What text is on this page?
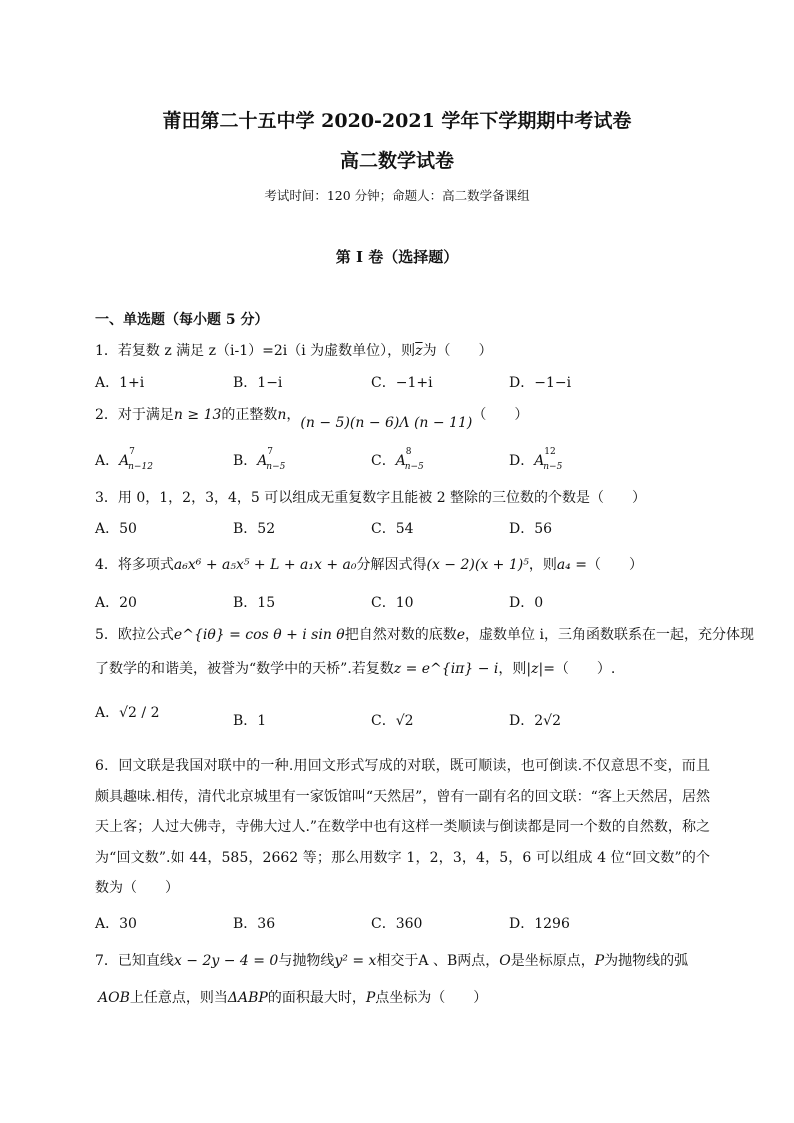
莆田第二十五中学 2020-2021 学年下学期期中考试卷
高二数学试卷
考试时间：120 分钟；命题人：高二数学备课组
第 I 卷（选择题）
一、单选题（每小题 5 分）
1．若复数 z 满足 z（i-1）=2i（i 为虚数单位），则$\overline{z}$为（　　）
A．1+i	B．1−i	C．−1+i	D．−1−i
2．对于满足n ≥ 13的正整数n，(n − 5)(n − 6)Λ (n − 11)（　　）
A．A
7
n−12	B．A
7
n−5	C．A
8
n−5	D．A
12
n−5
3．用 0，1，2，3，4，5 可以组成无重复数字且能被 2 整除的三位数的个数是（　　）
A．50	B．52	C．54	D．56
4．将多项式a₆x⁶ + a₅x⁵ + L + a₁x + a₀分解因式得(x − 2)(x + 1)⁵，则a₄ =（　　）
A．20	B．15	C．10	D．0
5．欧拉公式e^{iθ} = cos θ + i sin θ把自然对数的底数e，虚数单位 i，三角函数联系在一起，充分体现
了数学的和谐美，被誉为“数学中的天桥”.若复数z = e^{iπ} − i，则|z|=（　　）.
A．√2 / 2	B．1	C．√2	D．2√2
6．回文联是我国对联中的一种.用回文形式写成的对联，既可顺读，也可倒读.不仅意思不变，而且颇具趣味.相传，清代北京城里有一家饭馆叫“天然居”，曾有一副有名的回文联：“客上天然居，居然天上客；人过大佛寺，寺佛大过人.”在数学中也有这样一类顺读与倒读都是同一个数的自然数，称之为“回文数”.如 44，585，2662 等；那么用数字 1，2，3，4，5，6 可以组成 4 位“回文数”的个数为（　　）
A．30	B．36	C．360	D．1296
7．已知直线x − 2y − 4 = 0与抛物线y² = x相交于A 、B两点，O是坐标原点，P为抛物线的弧
AOB上任意点，则当ΔABP的面积最大时，P点坐标为（　　）
